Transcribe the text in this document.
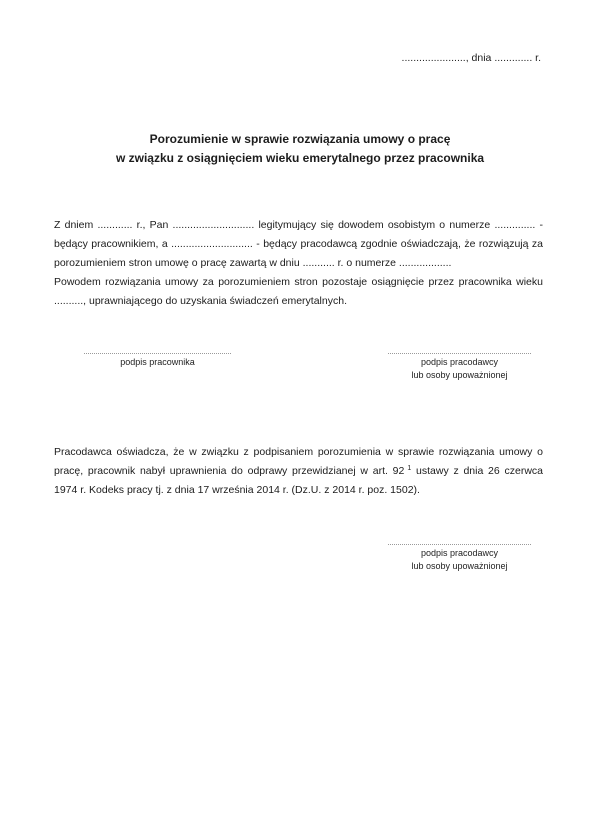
......................, dnia ............. r.
Porozumienie w sprawie rozwiązania umowy o pracę
w związku z osiągnięciem wieku emerytalnego przez pracownika

Z dniem ............ r., Pan ............................ legitymujący się dowodem osobistym o numerze .............. - będący pracownikiem, a ............................ - będący pracodawcą zgodnie oświadczają, że rozwiązują za porozumieniem stron umowę o pracę zawartą w dniu ........... r. o numerze ..................

Powodem rozwiązania umowy za porozumieniem stron pozostaje osiągnięcie przez pracownika wieku .........., uprawniającego do uzyskania świadczeń emerytalnych.

podpis pracownika	podpis pracodawcy
lub osoby upoważnionej

Pracodawca oświadcza, że w związku z podpisaniem porozumienia w sprawie rozwiązania umowy o pracę, pracownik nabył uprawnienia do odprawy przewidzianej w art. 92 $^1$ ustawy z dnia 26 czerwca 1974 r. Kodeks pracy tj. z dnia 17 września 2014 r. (Dz.U. z 2014 r. poz. 1502).

podpis pracodawcy
lub osoby upoważnionej
